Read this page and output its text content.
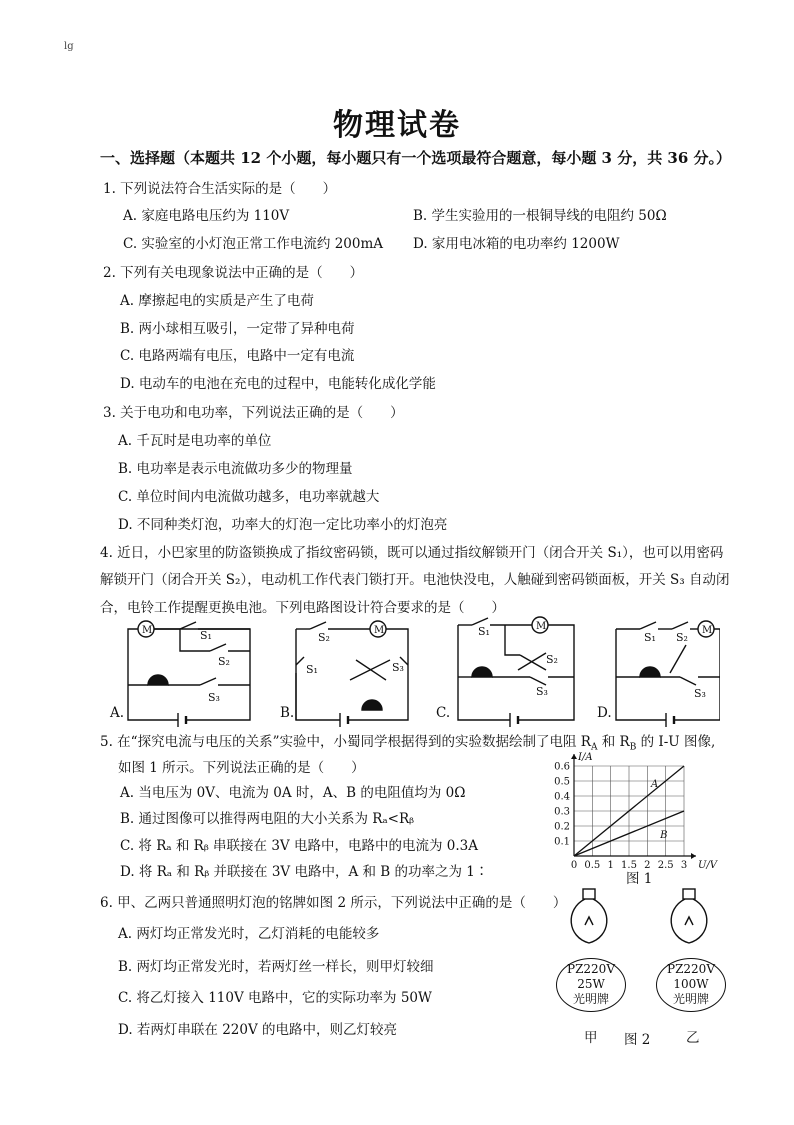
lg
物理试卷
一、选择题（本题共 12 个小题，每小题只有一个选项最符合题意，每小题 3 分，共 36 分。）
1. 下列说法符合生活实际的是（　　）
A. 家庭电路电压约为 110V	B. 学生实验用的一根铜导线的电阻约 50Ω
C. 实验室的小灯泡正常工作电流约 200mA D. 家用电冰箱的电功率约 1200W
2. 下列有关电现象说法中正确的是（　　）
A. 摩擦起电的实质是产生了电荷
B. 两小球相互吸引，一定带了异种电荷
C. 电路两端有电压，电路中一定有电流
D. 电动车的电池在充电的过程中，电能转化成化学能
3. 关于电功和电功率，下列说法正确的是（　　）
A. 千瓦时是电功率的单位
B. 电功率是表示电流做功多少的物理量
C. 单位时间内电流做功越多，电功率就越大
D. 不同种类灯泡，功率大的灯泡一定比功率小的灯泡亮
4. 近日，小巴家里的防盗锁换成了指纹密码锁，既可以通过指纹解锁开门（闭合开关 S₁），也可以用密码
解锁开门（闭合开关 S₂），电动机工作代表门锁打开。电池快没电，人触碰到密码锁面板，开关 S₃ 自动闭
合，电铃工作提醒更换电池。下列电路图设计符合要求的是（　　）
M	S₁
S₂
S₃
M
S₂
S₁	S₃
M
S₁
S₂
S₃
M
S₁ S₂
S₃
A.	B.	C.	D.
5. 在“探究电流与电压的关系”实验中，小蜀同学根据得到的实验数据绘制了电阻 $R_A$ 和 $R_B$ 的 I-U 图像,
如图 1 所示。下列说法正确的是（　　）
A. 当电压为 0V、电流为 0A 时，A、B 的电阻值均为 0Ω
B. 通过图像可以推得两电阻的大小关系为 Rₐ<Rᵦ
C. 将 Rₐ 和 Rᵦ 串联接在 3V 电路中，电路中的电流为 0.3A
D. 将 Rₐ 和 Rᵦ 并联接在 3V 电路中，A 和 B 的功率之为 1∶	0 0.5 1 1.5 2 2.5 3
0.1
0.2
0.3
0.4
0.5
0.6
U/V
I/A
A
B
图 1
6. 甲、乙两只普通照明灯泡的铭牌如图 2 所示，下列说法中正确的是（　　）
A. 两灯均正常发光时，乙灯消耗的电能较多
B. 两灯均正常发光时，若两灯丝一样长，则甲灯较细
C. 将乙灯接入 110V 电路中，它的实际功率为 50W
D. 若两灯串联在 220V 的电路中，则乙灯较亮
PZ220V
25W
光明牌
PZ220V
100W
光明牌
甲 图 2	乙
